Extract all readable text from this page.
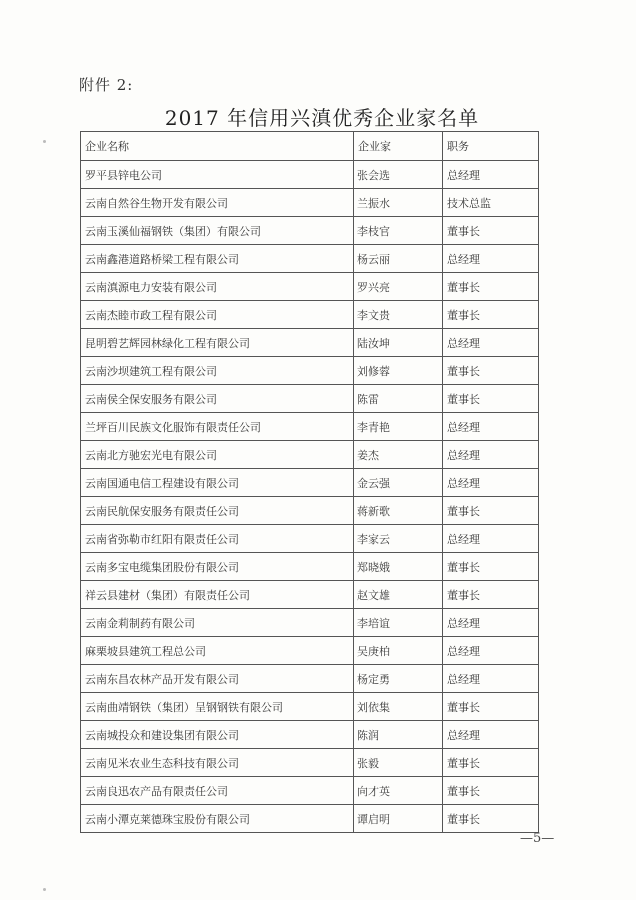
附件 2:
2017 年信用兴滇优秀企业家名单
企业名称	企业家	职务
罗平县锌电公司	张会选	总经理
云南自然谷生物开发有限公司	兰振水	技术总监
云南玉溪仙福钢铁（集团）有限公司	李枝官	董事长
云南鑫港道路桥梁工程有限公司	杨云丽	总经理
云南滇源电力安装有限公司	罗兴亮	董事长
云南杰睦市政工程有限公司	李文贵	董事长
昆明碧艺辉园林绿化工程有限公司	陆汝坤	总经理
云南沙坝建筑工程有限公司	刘修蓉	董事长
云南侯全保安服务有限公司	陈雷	董事长
兰坪百川民族文化服饰有限责任公司	李青艳	总经理
云南北方驰宏光电有限公司	姜杰	总经理
云南国通电信工程建设有限公司	金云强	总经理
云南民航保安服务有限责任公司	蒋新歌	董事长
云南省弥勒市红阳有限责任公司	李家云	总经理
云南多宝电缆集团股份有限公司	郑晓娥	董事长
祥云县建材（集团）有限责任公司	赵文雄	董事长
云南金莉制药有限公司	李培谊	总经理
麻栗坡县建筑工程总公司	吴庚柏	总经理
云南东昌农林产品开发有限公司	杨定勇	总经理
云南曲靖钢铁（集团）呈钢钢铁有限公司	刘依集	董事长
云南城投众和建设集团有限公司	陈润	总经理
云南见米农业生态科技有限公司	张毅	董事长
云南良迅农产品有限责任公司	向才英	董事长
云南小潭克莱德珠宝股份有限公司	谭启明	董事长
—5—
